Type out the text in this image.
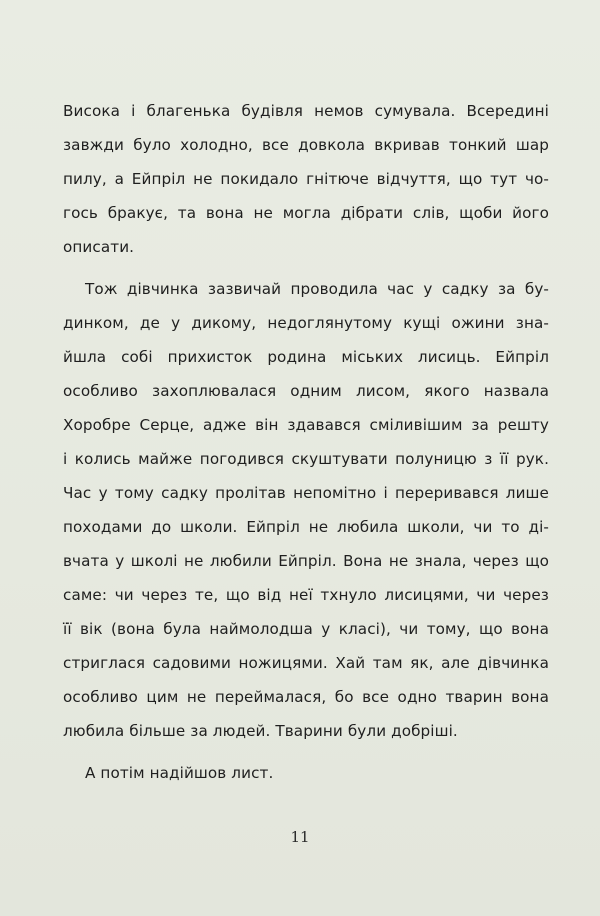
Висока і благенька будівля немов сумувала. Всередині
завжди було холодно, все довкола вкривав тонкий шар
пилу, а Ейпріл не покидало гнітюче відчуття, що тут чо-
гось бракує, та вона не могла дібрати слів, щоби його
описати.
Тож дівчинка зазвичай проводила час у садку за бу-
динком, де у дикому, недоглянутому кущі ожини зна-
йшла собі прихисток родина міських лисиць. Ейпріл
особливо захоплювалася одним лисом, якого назвала
Хоробре Серце, адже він здавався сміливішим за решту
і колись майже погодився скуштувати полуницю з її рук.
Час у тому садку пролітав непомітно і переривався лише
походами до школи. Ейпріл не любила школи, чи то ді-
вчата у школі не любили Ейпріл. Вона не знала, через що
саме: чи через те, що від неї тхнуло лисицями, чи через
її вік (вона була наймолодша у класі), чи тому, що вона
стриглася садовими ножицями. Хай там як, але дівчинка
особливо цим не переймалася, бо все одно тварин вона
любила більше за людей. Тварини були добріші.
А потім надійшов лист.
11
